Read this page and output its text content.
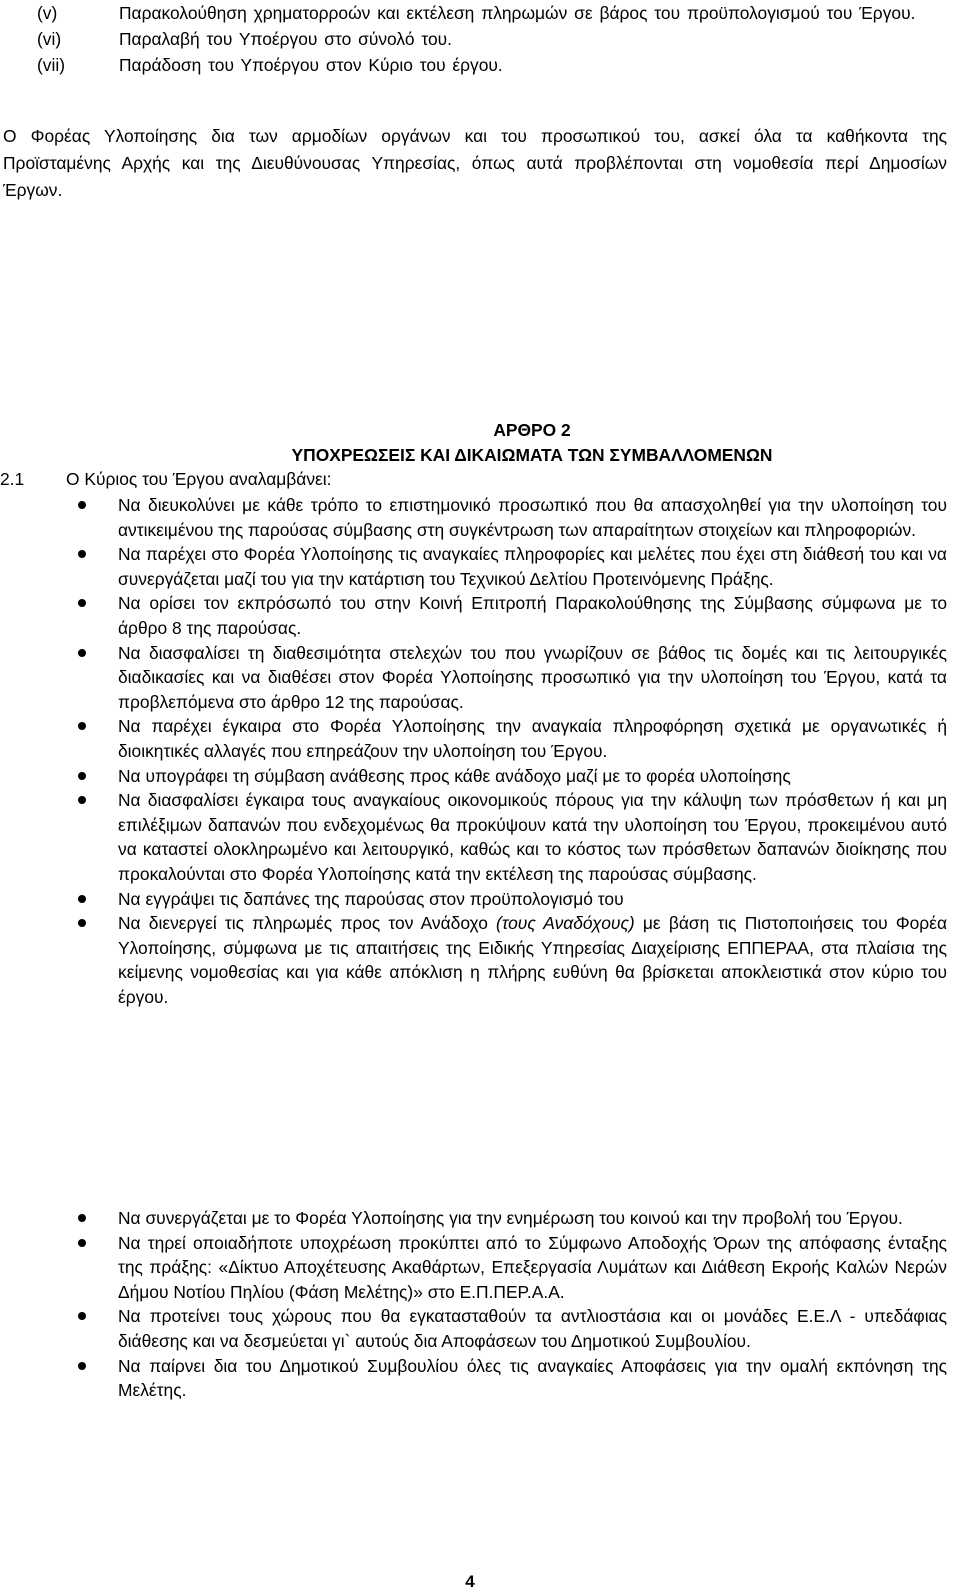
(v)	Παρακολούθηση χρηματορροών και εκτέλεση πληρωμών σε βάρος του προϋπολογισμού του Έργου.
(vi)	Παραλαβή του Υποέργου στο σύνολό του.
(vii)	Παράδοση του Υποέργου στον Κύριο του έργου.

Ο Φορέας Υλοποίησης δια των αρμοδίων οργάνων και του προσωπικού του, ασκεί όλα τα καθήκοντα της Προϊσταμένης Αρχής και της Διευθύνουσας Υπηρεσίας, όπως αυτά προβλέπονται στη νομοθεσία περί Δημοσίων Έργων.

ΑΡΘΡΟ 2
ΥΠΟΧΡΕΩΣΕΙΣ ΚΑΙ ΔΙΚΑΙΩΜΑΤΑ ΤΩΝ ΣΥΜΒΑΛΛΟΜΕΝΩΝ
2.1	Ο Κύριος του Έργου αναλαμβάνει:
Να διευκολύνει με κάθε τρόπο το επιστημονικό προσωπικό που θα απασχοληθεί για την υλοποίηση του αντικειμένου της παρούσας σύμβασης στη συγκέντρωση των απαραίτητων στοιχείων και πληροφοριών.
Να παρέχει στο Φορέα Υλοποίησης τις αναγκαίες πληροφορίες και μελέτες που έχει στη διάθεσή του και να συνεργάζεται μαζί του για την κατάρτιση του Τεχνικού Δελτίου Προτεινόμενης Πράξης.
Να ορίσει τον εκπρόσωπό του στην Κοινή Επιτροπή Παρακολούθησης της Σύμβασης σύμφωνα με το άρθρο 8 της παρούσας.
Να διασφαλίσει τη διαθεσιμότητα στελεχών του που γνωρίζουν σε βάθος τις δομές και τις λειτουργικές διαδικασίες και να διαθέσει στον Φορέα Υλοποίησης προσωπικό για την υλοποίηση του Έργου, κατά τα προβλεπόμενα στο άρθρο 12 της παρούσας.
Να παρέχει έγκαιρα στο Φορέα Υλοποίησης την αναγκαία πληροφόρηση σχετικά με οργανωτικές ή διοικητικές αλλαγές που επηρεάζουν την υλοποίηση του Έργου.
Να υπογράφει τη σύμβαση ανάθεσης προς κάθε ανάδοχο μαζί με το φορέα υλοποίησης
Να διασφαλίσει έγκαιρα τους αναγκαίους οικονομικούς πόρους για την κάλυψη των πρόσθετων ή και μη επιλέξιμων δαπανών που ενδεχομένως θα προκύψουν κατά την υλοποίηση του Έργου, προκειμένου αυτό να καταστεί ολοκληρωμένο και λειτουργικό, καθώς και το κόστος των πρόσθετων δαπανών διοίκησης που προκαλούνται στο Φορέα Υλοποίησης κατά την εκτέλεση της παρούσας σύμβασης.
Να εγγράψει τις δαπάνες της παρούσας στον προϋπολογισμό του
Να διενεργεί τις πληρωμές προς τον Ανάδοχο (τους Αναδόχους) με βάση τις Πιστοποιήσεις του Φορέα Υλοποίησης, σύμφωνα με τις απαιτήσεις της Ειδικής Υπηρεσίας Διαχείρισης ΕΠΠΕΡΑΑ, στα πλαίσια της κείμενης νομοθεσίας και για κάθε απόκλιση η πλήρης ευθύνη θα βρίσκεται αποκλειστικά στον κύριο του έργου.
Να συνεργάζεται με το Φορέα Υλοποίησης για την ενημέρωση του κοινού και την προβολή του Έργου.
Να τηρεί οποιαδήποτε υποχρέωση προκύπτει από το Σύμφωνο Αποδοχής Όρων της απόφασης ένταξης της πράξης: «Δίκτυο Αποχέτευσης Ακαθάρτων, Επεξεργασία Λυμάτων και Διάθεση Εκροής Καλών Νερών Δήμου Νοτίου Πηλίου (Φάση Μελέτης)» στο Ε.Π.ΠΕΡ.Α.Α.
Να προτείνει τους χώρους που θα εγκατασταθούν τα αντλιοστάσια και οι μονάδες Ε.Ε.Λ - υπεδάφιας διάθεσης και να δεσμεύεται γι` αυτούς δια Αποφάσεων του Δημοτικού Συμβουλίου.
Να παίρνει δια του Δημοτικού Συμβουλίου όλες τις αναγκαίες Αποφάσεις για την ομαλή εκπόνηση της Μελέτης.
4
